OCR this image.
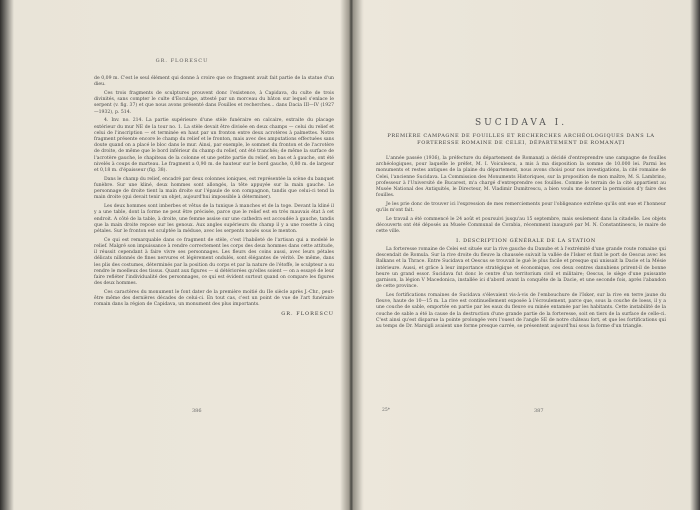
GR. FLORESCU

de 0,09 m. C'est le seul élément qui donne à croire que ce fragment avait fait partie de la statue d'un dieu.

Ces trois fragments de sculptures prouvent donc l'existence, à Capidava, du culte de trois divinités, sans compter le culte d'Esculape, attesté par un morceau du bâton sur lequel s'enlace le serpent (v. fig. 37) et que nous avons présenté dans Fouilles et recherches... dans Dacia III—IV (1927—1932), p. 514.

4. Inv. no. 214. La partie supérieure d'une stèle funéraire en calcaire, extraite du placage extérieur du mur NE de la tour no. 1. La stèle devait être divisée en deux champs — celui du relief et celui de l'inscription — et terminée en haut par un fronton entre deux acrotères à palmettes. Notre fragment présente encore le champ du relief et le fronton, mais avec des amputations effectuées sans doute quand on a placé le bloc dans le mur. Ainsi, par exemple, le sommet du fronton et de l'acrotère de droite, de même que le bord inférieur du champ du relief, ont été tranchés; de même la surface de l'acrotère gauche, le chapiteau de la colonne et une petite partie du relief, en bas et à gauche, ont été nivelés à coups de marteau. Le fragment a 0,90 m. de hauteur sur le bord gauche, 0,80 m. de largeur et 0,18 m. d'épaisseur (fig. 38).

Dans le champ du relief, encadré par deux colonnes ioniques, est représentée la scène du banquet funèbre. Sur une kliné, deux hommes sont allongés, la tête appuyée sur la main gauche. Le personnage de droite tient la main droite sur l'épaule de son compagnon, tandis que celui-ci tend la main droite (qui devait tenir un objet, aujourd'hui impossible à déterminer).

Les deux hommes sont imberbes et vêtus de la tunique à manches et de la toge. Devant la kliné il y a une table, dont la forme ne peut être précisée, parce que le relief est en très mauvais état à cet endroit. A côté de la table, à droite, une femme assise sur une cathedra est accoudée à gauche, tandis que la main droite repose sur les genoux. Aux angles supérieurs du champ il y a une rosette à cinq pétales. Sur le fronton est sculptée la méduse, avec les serpents noués sous le menton.

Ce qui est remarquable dans ce fragment de stèle, c'est l'habileté de l'artisan qui a modelé le relief. Malgré son impuissance à rendre correctement les corps des deux hommes dans cette attitude, il réussit cependant à faire vivre ses personnages. Les fleurs des coins aussi, avec leurs pétales délicats nillonnés de fines nervures et légèrement ondulés, sont élégantes de vérité. De même, dans les plis des costumes, déterminés par la position du corps et par la nature de l'étoffe, le sculpteur a su rendre le moelleux des tissus. Quant aux figures — si détériorées qu'elles soient — on a essayé de leur faire refléter l'individualité des personnages, ce qui est évident surtout quand on compare les figures des deux hommes.

Ces caractères du monument le font dater de la première moitié du IIe siècle après J.-Chr., peut-être même des dernières décades de celui-ci. En tout cas, c'est un point de vue de l'art funéraire romain dans la région de Capidava, un monument des plus importants.

GR. FLORESCU
386
SUCIDAVA I.
PREMIÈRE CAMPAGNE DE FOUILLES ET RECHERCHES ARCHÉOLOGIQUES DANS LA FORTERESSE ROMAINE DE CELEI, DÉPARTEMENT DE ROMANAȚI

L'année passée (1936), la préfecture du département de Romanați a décidé d'entreprendre une campagne de fouilles archéologiques, pour laquelle le préfet, M. I. Voiculescu, a mis à ma disposition la somme de 10.000 lei. Parmi les monuments et restes antiques de la plaine du département, nous avons choisi pour nos investigations, la cité romaine de Celei, l'ancienne Sucidava. La Commission des Monuments Historiques, sur la proposition de mon maître, M. S. Lambrino, professeur à l'Université de Bucarest, m'a chargé d'entreprendre ces fouilles. Comme le terrain de la cité appartient au Musée National des Antiquités, le Directeur, M. Vladimir Dumitrescu, a bien voulu me donner la permission d'y faire des fouilles.

Je les prie donc de trouver ici l'expression de mes remerciements pour l'obligeance extrême qu'ils ont eue et l'honneur qu'ils m'ont fait.

Le travail a été commencé le 24 août et poursuivi jusqu'au 15 septembre, mais seulement dans la citadelle. Les objets découverts ont été déposés au Musée Communal de Corabia, récemment inauguré par M. N. Constantinescu, le maire de cette ville.

I. DESCRIPTION GÉNÉRALE DE LA STATION

La forteresse romaine de Celei est située sur la rive gauche du Danube et à l'extrémité d'une grande route romaine qui descendait de Romula. Sur la rive droite du fleuve la chaussée suivait la vallée de l'Isker et finit le port de Oescus avec les Balkans et la Thrace. Entre Sucidava et Oescus se trouvait le gué le plus facile et presque qui unissait la Dacie et la Mésie intérieure. Aussi, et grâce à leur importance stratégique et économique, ces deux centres danubiens prirent-il de bonne heure un grand essor. Sucidava fut donc le centre d'un territorium civil et militaire; Oescus, le siège d'une puissante garnison, la légion V Macedonica, installée ici d'abord avant la conquête de la Dacie, et une seconde fois, après l'abandon de cette province.

Les fortifications romaines de Sucidava s'élevaient vis-à-vis de l'embouchure de l'Isker, sur la rive en terre jaune du fleuve, haute de 10—15 m. La rive est continuellement exposée à l'écroulement, parce que, sous la couche de loess, il y a une couche de sable, emportée en partie par les eaux du fleuve ou minée entamée par les habitants. Cette instabilité de la couche de sable a été la cause de la destruction d'une grande partie de la forteresse, soit en tiers de la surface de celle-ci. C'est ainsi qu'est disparue la pointe prolongée vers l'ouest de l'angle SE de notre château fort, et que les fortifications qui au temps de Dr. Marsigli avaient une forme presque carrée, se présentent aujourd'hui sous la forme d'un triangle.

25*	387
